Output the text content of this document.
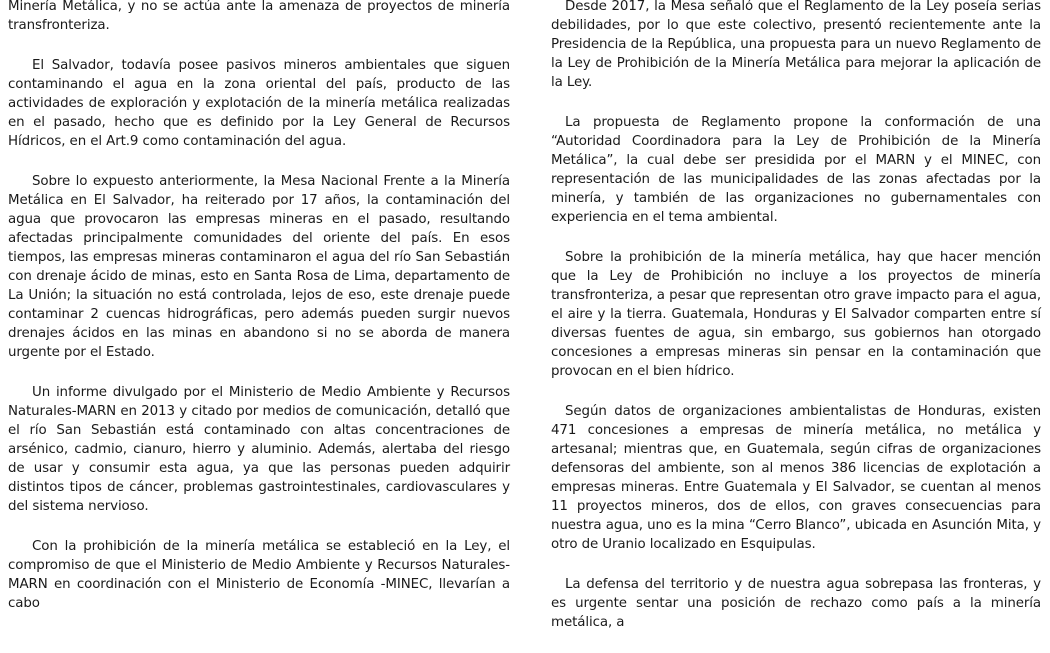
Minería Metálica, y no se actúa ante la amenaza de proyectos de minería transfronteriza.

El Salvador, todavía posee pasivos mineros ambientales que siguen contaminando el agua en la zona oriental del país, producto de las actividades de exploración y explotación de la minería metálica realizadas en el pasado, hecho que es definido por la Ley General de Recursos Hídricos, en el Art.9 como contaminación del agua.

Sobre lo expuesto anteriormente, la Mesa Nacional Frente a la Minería Metálica en El Salvador, ha reiterado por 17 años, la contaminación del agua que provocaron las empresas mineras en el pasado, resultando afectadas principalmente comunidades del oriente del país. En esos tiempos, las empresas mineras contaminaron el agua del río San Sebastián con drenaje ácido de minas, esto en Santa Rosa de Lima, departamento de La Unión; la situación no está controlada, lejos de eso, este drenaje puede contaminar 2 cuencas hidrográficas, pero además pueden surgir nuevos drenajes ácidos en las minas en abandono si no se aborda de manera urgente por el Estado.

Un informe divulgado por el Ministerio de Medio Ambiente y Recursos Naturales-MARN en 2013 y citado por medios de comunicación, detalló que el río San Sebastián está contaminado con altas concentraciones de arsénico, cadmio, cianuro, hierro y aluminio. Además, alertaba del riesgo de usar y consumir esta agua, ya que las personas pueden adquirir distintos tipos de cáncer, problemas gastrointestinales, cardiovasculares y del sistema nervioso.

Con la prohibición de la minería metálica se estableció en la Ley, el compromiso de que el Ministerio de Medio Ambiente y Recursos Naturales-MARN en coordinación con el Ministerio de Economía -MINEC, llevarían a cabo

Desde 2017, la Mesa señaló que el Reglamento de la Ley poseía serias debilidades, por lo que este colectivo, presentó recientemente ante la Presidencia de la República, una propuesta para un nuevo Reglamento de la Ley de Prohibición de la Minería Metálica para mejorar la aplicación de la Ley.

La propuesta de Reglamento propone la conformación de una “Autoridad Coordinadora para la Ley de Prohibición de la Minería Metálica”, la cual debe ser presidida por el MARN y el MINEC, con representación de las municipalidades de las zonas afectadas por la minería, y también de las organizaciones no gubernamentales con experiencia en el tema ambiental.

Sobre la prohibición de la minería metálica, hay que hacer mención que la Ley de Prohibición no incluye a los proyectos de minería transfronteriza, a pesar que representan otro grave impacto para el agua, el aire y la tierra. Guatemala, Honduras y El Salvador comparten entre sí diversas fuentes de agua, sin embargo, sus gobiernos han otorgado concesiones a empresas mineras sin pensar en la contaminación que provocan en el bien hídrico.

Según datos de organizaciones ambientalistas de Honduras, existen 471 concesiones a empresas de minería metálica, no metálica y artesanal; mientras que, en Guatemala, según cifras de organizaciones defensoras del ambiente, son al menos 386 licencias de explotación a empresas mineras. Entre Guatemala y El Salvador, se cuentan al menos 11 proyectos mineros, dos de ellos, con graves consecuencias para nuestra agua, uno es la mina “Cerro Blanco”, ubicada en Asunción Mita, y otro de Uranio localizado en Esquipulas.

La defensa del territorio y de nuestra agua sobrepasa las fronteras, y es urgente sentar una posición de rechazo como país a la minería metálica, a
